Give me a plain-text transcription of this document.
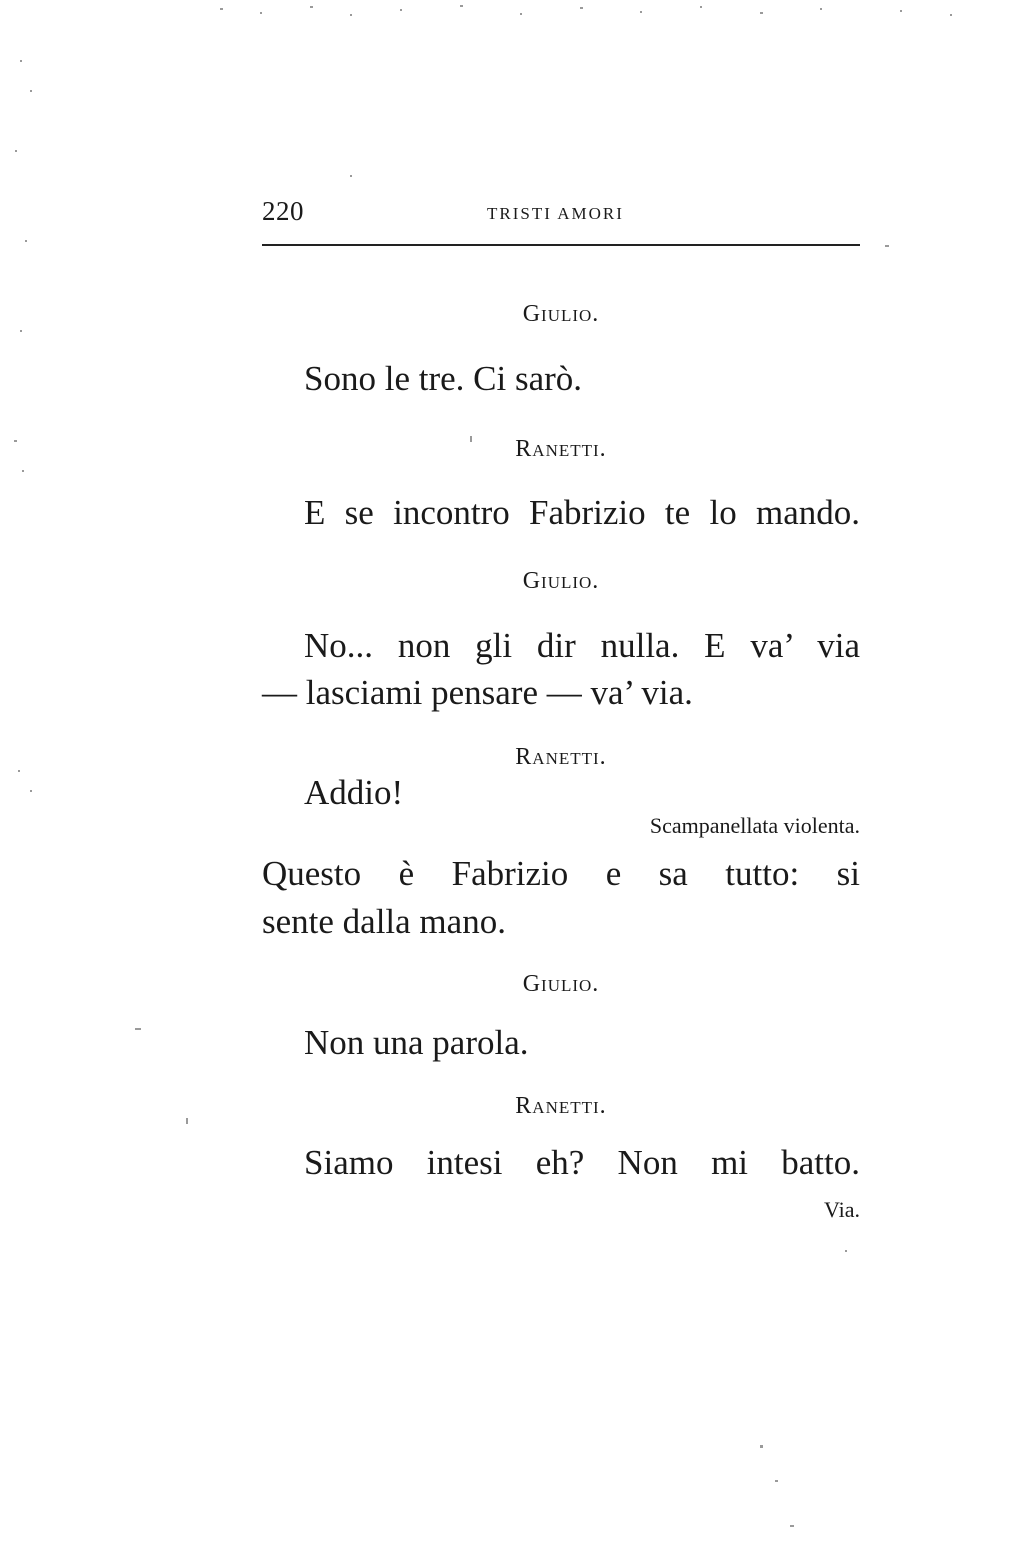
220	TRISTI AMORI
Giulio.
Sono le tre. Ci sarò.
Ranetti.
E se incontro Fabrizio te lo mando.
Giulio.
No... non gli dir nulla. E va’ via
— lasciami pensare — va’ via.
Ranetti.
Addio!
Scampanellata violenta.
Questo è Fabrizio e sa tutto: si
sente dalla mano.
Giulio.
Non una parola.
Ranetti.
Siamo intesi eh? Non mi batto.
Via.
